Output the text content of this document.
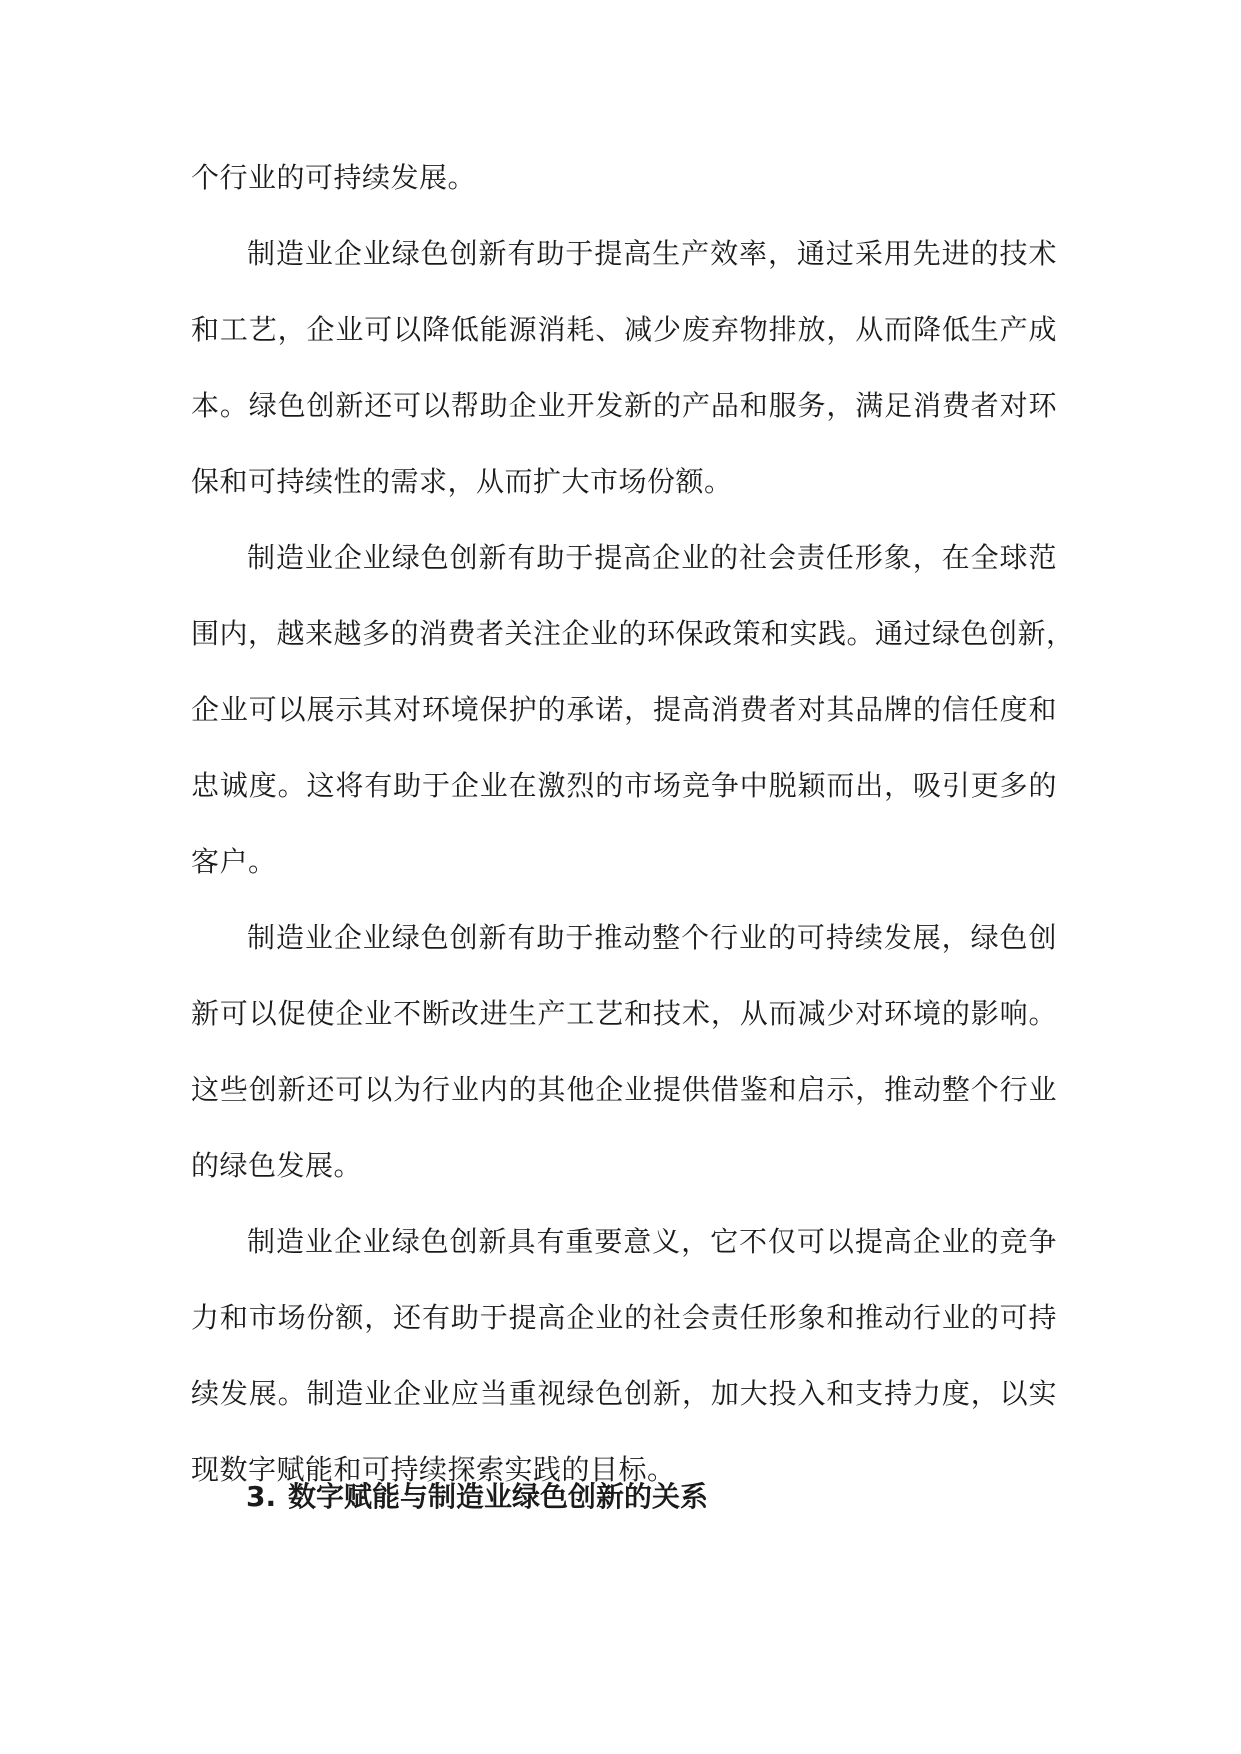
个行业的可持续发展。
制造业企业绿色创新有助于提高生产效率，通过采用先进的技术
和工艺，企业可以降低能源消耗、减少废弃物排放，从而降低生产成
本。绿色创新还可以帮助企业开发新的产品和服务，满足消费者对环
保和可持续性的需求，从而扩大市场份额。
制造业企业绿色创新有助于提高企业的社会责任形象，在全球范
围内，越来越多的消费者关注企业的环保政策和实践。通过绿色创新，
企业可以展示其对环境保护的承诺，提高消费者对其品牌的信任度和
忠诚度。这将有助于企业在激烈的市场竞争中脱颖而出，吸引更多的
客户。
制造业企业绿色创新有助于推动整个行业的可持续发展，绿色创
新可以促使企业不断改进生产工艺和技术，从而减少对环境的影响。
这些创新还可以为行业内的其他企业提供借鉴和启示，推动整个行业
的绿色发展。
制造业企业绿色创新具有重要意义，它不仅可以提高企业的竞争
力和市场份额，还有助于提高企业的社会责任形象和推动行业的可持
续发展。制造业企业应当重视绿色创新，加大投入和支持力度，以实
现数字赋能和可持续探索实践的目标。
3. 数字赋能与制造业绿色创新的关系
